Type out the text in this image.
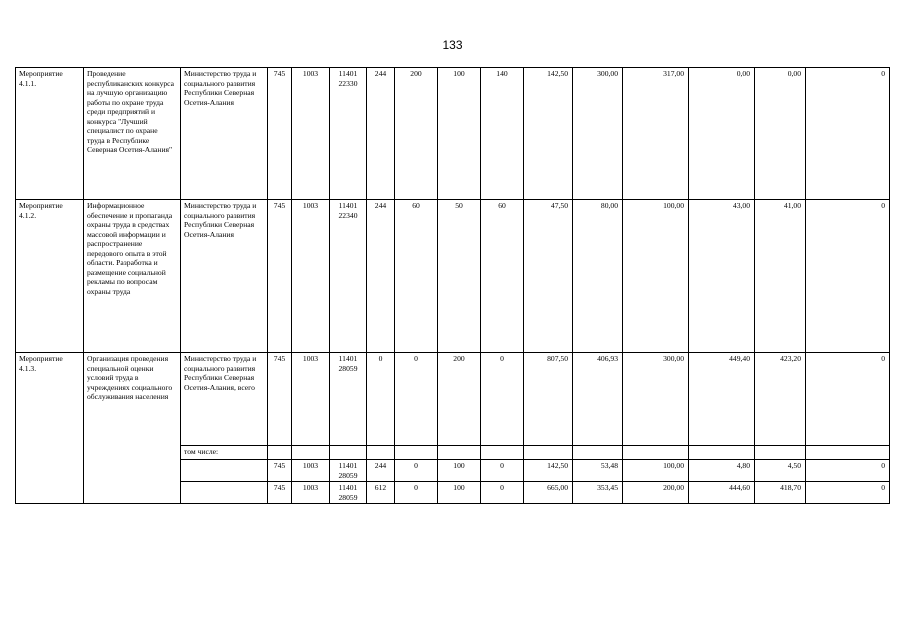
133
Мероприятие 4.1.1.	Проведение республиканских конкурса на лучшую организацию работы по охране труда среди предприятий и конкурса "Лучший специалист по охране труда в Республике Северная Осетия-Алания"	Министерство труда и социального развития Республики Северная Осетия-Алания	745	1003	11401 22330	244	200	100	140	142,50	300,00	317,00	0,00	0,00	0
Мероприятие 4.1.2.	Информационное обеспечение и пропаганда охраны труда в средствах массовой информации и распространение передового опыта в этой области. Разработка и размещение социальной рекламы по вопросам охраны труда	Министерство труда и социального развития Республики Северная Осетия-Алания	745	1003	11401 22340	244	60	50	60	47,50	80,00	100,00	43,00	41,00	0
Мероприятие 4.1.3.	Организация проведения специальной оценки условий труда в учреждениях социального обслуживания населения	Министерство труда и социального развития Республики Северная Осетия-Алания, всего	745	1003	11401 28059	0	0	200	0	807,50	406,93	300,00	449,40	423,20	0
		том числе:													
			745	1003	11401 28059	244	0	100	0	142,50	53,48	100,00	4,80	4,50	0
			745	1003	11401 28059	612	0	100	0	665,00	353,45	200,00	444,60	418,70	0
